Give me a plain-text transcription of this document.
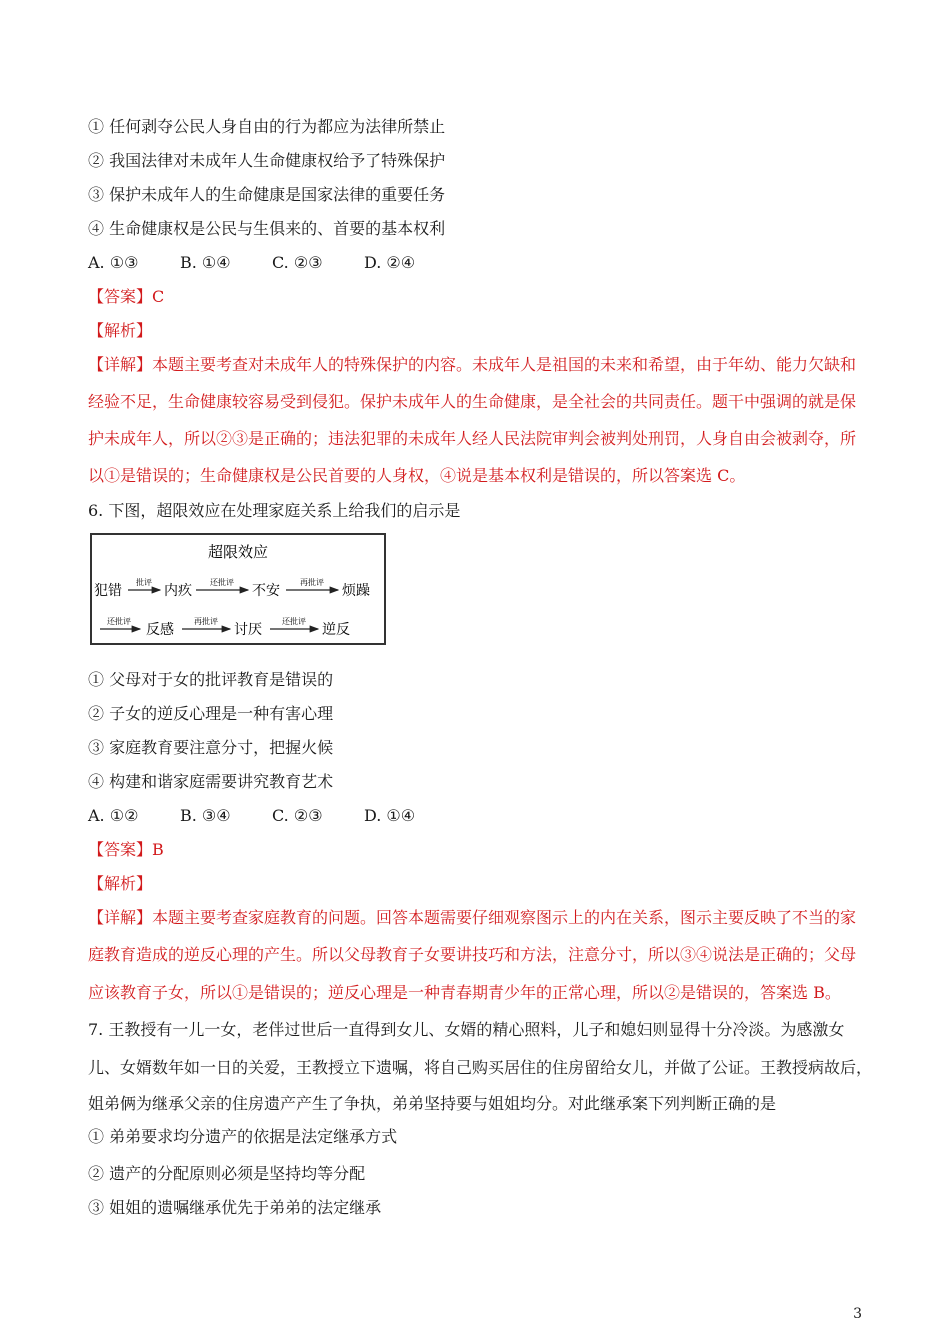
① 任何剥夺公民人身自由的行为都应为法律所禁止
② 我国法律对未成年人生命健康权给予了特殊保护
③ 保护未成年人的生命健康是国家法律的重要任务
④ 生命健康权是公民与生俱来的、首要的基本权利
A. ①③	B. ①④	C. ②③	D. ②④
【答案】C
【解析】
【详解】本题主要考查对未成年人的特殊保护的内容。未成年人是祖国的未来和希望，由于年幼、能力欠缺和
经验不足，生命健康较容易受到侵犯。保护未成年人的生命健康，是全社会的共同责任。题干中强调的就是保
护未成年人，所以②③是正确的；违法犯罪的未成年人经人民法院审判会被判处刑罚，人身自由会被剥夺，所
以①是错误的；生命健康权是公民首要的人身权，④说是基本权利是错误的，所以答案选 C。
6. 下图，超限效应在处理家庭关系上给我们的启示是
超限效应
犯错
批评
内疚
还批评
不安
再批评
烦躁
还批评
反感
再批评
讨厌
还批评
逆反
① 父母对于女的批评教育是错误的
② 子女的逆反心理是一种有害心理
③ 家庭教育要注意分寸，把握火候
④ 构建和谐家庭需要讲究教育艺术
A. ①②	B. ③④	C. ②③	D. ①④
【答案】B
【解析】
【详解】本题主要考查家庭教育的问题。回答本题需要仔细观察图示上的内在关系，图示主要反映了不当的家
庭教育造成的逆反心理的产生。所以父母教育子女要讲技巧和方法，注意分寸，所以③④说法是正确的；父母
应该教育子女，所以①是错误的；逆反心理是一种青春期青少年的正常心理，所以②是错误的，答案选 B。
7. 王教授有一儿一女，老伴过世后一直得到女儿、女婿的精心照料，儿子和媳妇则显得十分冷淡。为感激女
儿、女婿数年如一日的关爱，王教授立下遗嘱，将自己购买居住的住房留给女儿，并做了公证。王教授病故后，
姐弟俩为继承父亲的住房遗产产生了争执，弟弟坚持要与姐姐均分。对此继承案下列判断正确的是
① 弟弟要求均分遗产的依据是法定继承方式
② 遗产的分配原则必须是坚持均等分配
③ 姐姐的遗嘱继承优先于弟弟的法定继承
3
